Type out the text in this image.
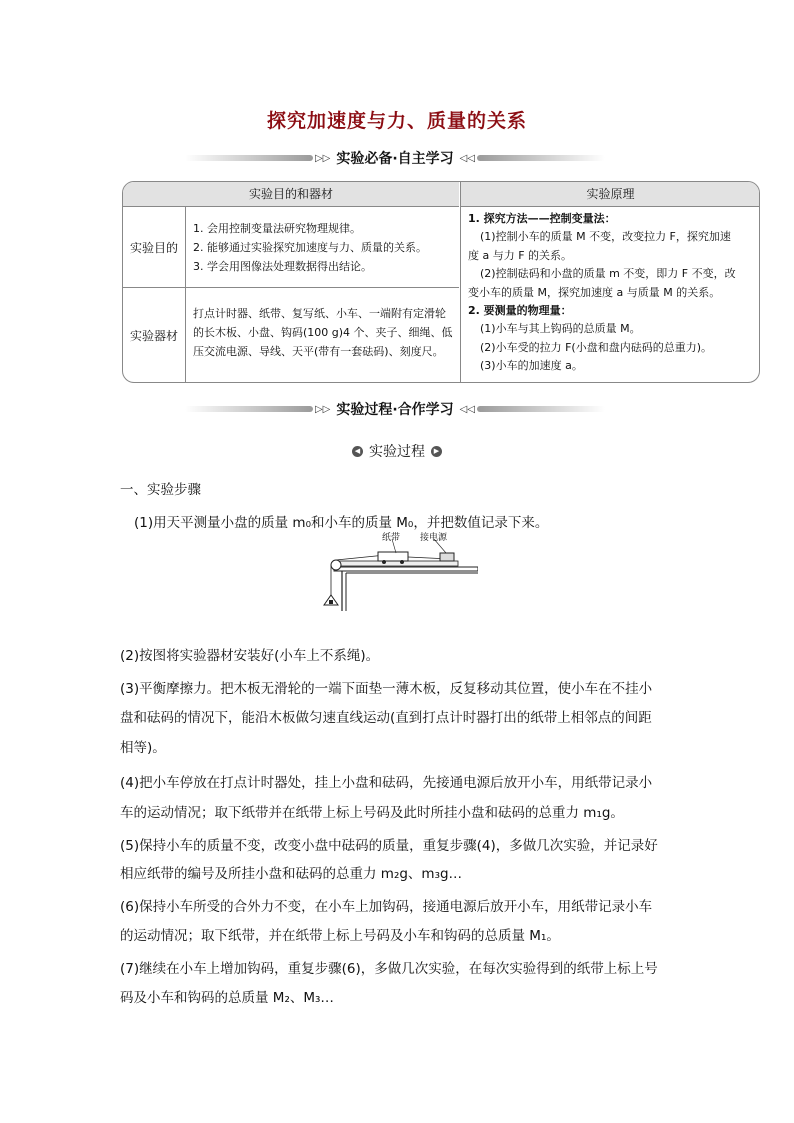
探究加速度与力、质量的关系
▷▷ 实验必备·自主学习 ◁◁
实验目的和器材
实验目的
1. 会用控制变量法研究物理规律。
2. 能够通过实验探究加速度与力、质量的关系。
3. 学会用图像法处理数据得出结论。
实验器材
打点计时器、纸带、复写纸、小车、一端附有定滑轮
的长木板、小盘、钩码(100 g)4 个、夹子、细绳、低
压交流电源、导线、天平(带有一套砝码)、刻度尺。
实验原理
1. 探究方法——控制变量法：
(1)控制小车的质量 M 不变，改变拉力 F，探究加速
度 a 与力 F 的关系。
(2)控制砝码和小盘的质量 m 不变，即力 F 不变，改
变小车的质量 M，探究加速度 a 与质量 M 的关系。
2. 要测量的物理量：
(1)小车与其上钩码的总质量 M。
(2)小车受的拉力 F(小盘和盘内砝码的总重力)。
(3)小车的加速度 a。
▷▷ 实验过程·合作学习 ◁◁
◀ 实验过程	▶
一、实验步骤
(1)用天平测量小盘的质量 m₀和小车的质量 M₀，并把数值记录下来。
(2)按图将实验器材安装好(小车上不系绳)。
(3)平衡摩擦力。把木板无滑轮的一端下面垫一薄木板，反复移动其位置，使小车在不挂小
盘和砝码的情况下，能沿木板做匀速直线运动(直到打点计时器打出的纸带上相邻点的间距
相等)。
(4)把小车停放在打点计时器处，挂上小盘和砝码，先接通电源后放开小车，用纸带记录小
车的运动情况；取下纸带并在纸带上标上号码及此时所挂小盘和砝码的总重力 m₁g。
(5)保持小车的质量不变，改变小盘中砝码的质量，重复步骤(4)，多做几次实验，并记录好
相应纸带的编号及所挂小盘和砝码的总重力 m₂g、m₃g…
(6)保持小车所受的合外力不变，在小车上加钩码，接通电源后放开小车，用纸带记录小车
的运动情况；取下纸带，并在纸带上标上号码及小车和钩码的总质量 M₁。
(7)继续在小车上增加钩码，重复步骤(6)，多做几次实验，在每次实验得到的纸带上标上号
码及小车和钩码的总质量 M₂、M₃…
纸带 接电源
